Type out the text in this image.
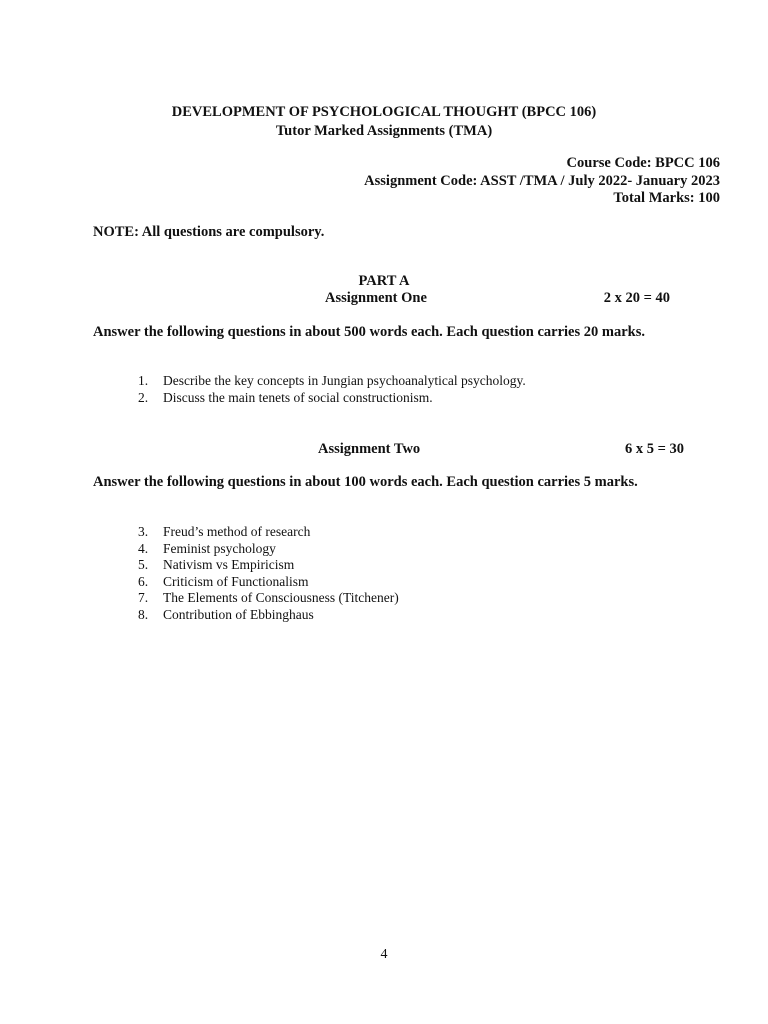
DEVELOPMENT OF PSYCHOLOGICAL THOUGHT (BPCC 106)
Tutor Marked Assignments (TMA)
Course Code: BPCC 106
Assignment Code: ASST /TMA / July 2022- January 2023
Total Marks: 100
NOTE: All questions are compulsory.
PART A
Assignment One	2 x 20 = 40
Answer the following questions in about 500 words each. Each question carries 20 marks.
1. Describe the key concepts in Jungian psychoanalytical psychology.
2. Discuss the main tenets of social constructionism.
Assignment Two	6 x 5 = 30
Answer the following questions in about 100 words each. Each question carries 5 marks.
3. Freud’s method of research
4. Feminist psychology
5. Nativism vs Empiricism
6. Criticism of Functionalism
7. The Elements of Consciousness (Titchener)
8. Contribution of Ebbinghaus
4
